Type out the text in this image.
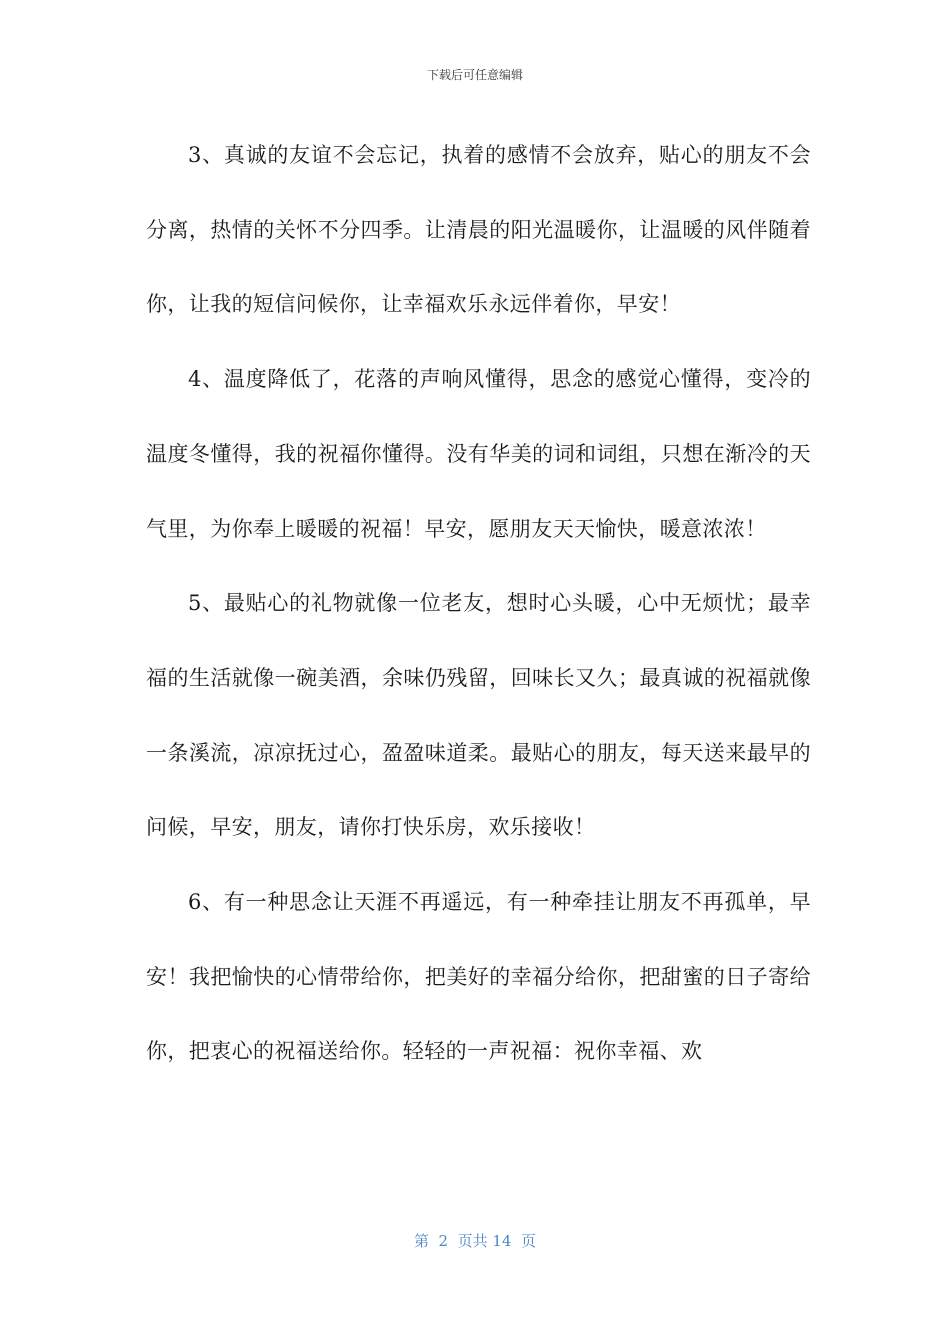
下载后可任意编辑

3、真诚的友谊不会忘记，执着的感情不会放弃，贴心的朋友不会分离，热情的关怀不分四季。让清晨的阳光温暖你，让温暖的风伴随着你，让我的短信问候你，让幸福欢乐永远伴着你，早安！

4、温度降低了，花落的声响风懂得，思念的感觉心懂得，变冷的温度冬懂得，我的祝福你懂得。没有华美的词和词组，只想在渐冷的天气里，为你奉上暖暖的祝福！早安，愿朋友天天愉快，暖意浓浓！

5、最贴心的礼物就像一位老友，想时心头暖，心中无烦忧；最幸福的生活就像一碗美酒，余味仍残留，回味长又久；最真诚的祝福就像一条溪流，凉凉抚过心，盈盈味道柔。最贴心的朋友，每天送来最早的问候，早安，朋友，请你打快乐房，欢乐接收！

6、有一种思念让天涯不再遥远，有一种牵挂让朋友不再孤单，早安！我把愉快的心情带给你，把美好的幸福分给你，把甜蜜的日子寄给你，把衷心的祝福送给你。轻轻的一声祝福：祝你幸福、欢

第  2  页共 14  页
